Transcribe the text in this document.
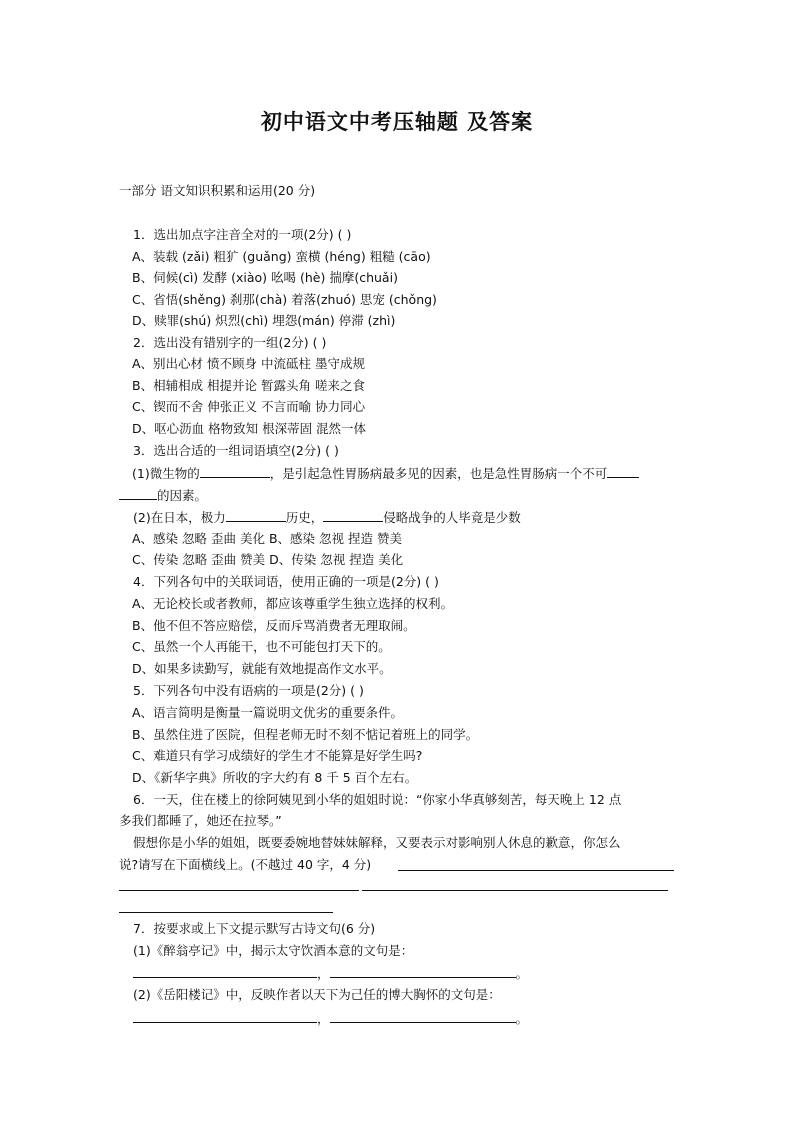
初中语文中考压轴题 及答案
一部分 语文知识积累和运用(20 分)
1．选出加点字注音全对的一项(2分) ( )
A、装载 (zǎi) 粗犷 (guǎng) 蛮横 (héng) 粗糙 (cāo)
B、伺候(cì) 发酵 (xiào) 吆喝 (hè) 揣摩(chuǎi)
C、省悟(shěng) 刹那(chà) 着落(zhuó) 思宠 (chǒng)
D、赎罪(shú) 炽烈(chì) 埋怨(mán) 停滞 (zhì)
2．选出没有错别字的一组(2分) ( )
A、别出心材 愤不顾身 中流砥柱 墨守成规
B、相辅相成 相提并论 暂露头角 嗟来之食
C、锲而不舍 伸张正义 不言而喻 协力同心
D、呕心沥血 格物致知 根深蒂固 混然一体
3．选出合适的一组词语填空(2分) ( )
(1)微生物的	，是引起急性胃肠病最多见的因素，也是急性胃肠病一个不可
的因素。
(2)在日本，极力	历史，	侵略战争的人毕竟是少数
A、感染 忽略 歪曲 美化 B、感染 忽视 捏造 赞美
C、传染 忽略 歪曲 赞美 D、传染 忽视 捏造 美化
4．下列各句中的关联词语，使用正确的一项是(2分) ( )
A、无论校长或者教师，都应该尊重学生独立选择的权利。
B、他不但不答应赔偿，反而斥骂消费者无理取闹。
C、虽然一个人再能干，也不可能包打天下的。
D、如果多读勤写，就能有效地提高作文水平。
5．下列各句中没有语病的一项是(2分) ( )
A、语言简明是衡量一篇说明文优劣的重要条件。
B、虽然住进了医院，但程老师无时不刻不惦记着班上的同学。
C、难道只有学习成绩好的学生才不能算是好学生吗?
D、《新华字典》所收的字大约有 8 千 5 百个左右。
6．一天，住在楼上的徐阿姨见到小华的姐姐时说：“你家小华真够刻苦，每天晚上 12 点
多我们都睡了，她还在拉琴。”
假想你是小华的姐姐，既要委婉地替妹妹解释，又要表示对影响别人休息的歉意，你怎么
说?请写在下面横线上。(不越过 40 字，4 分)
7．按要求或上下文提示默写古诗文句(6 分)
(1)《醉翁亭记》中，揭示太守饮酒本意的文句是：
，	。
(2)《岳阳楼记》中，反映作者以天下为己任的博大胸怀的文句是：
，	。
